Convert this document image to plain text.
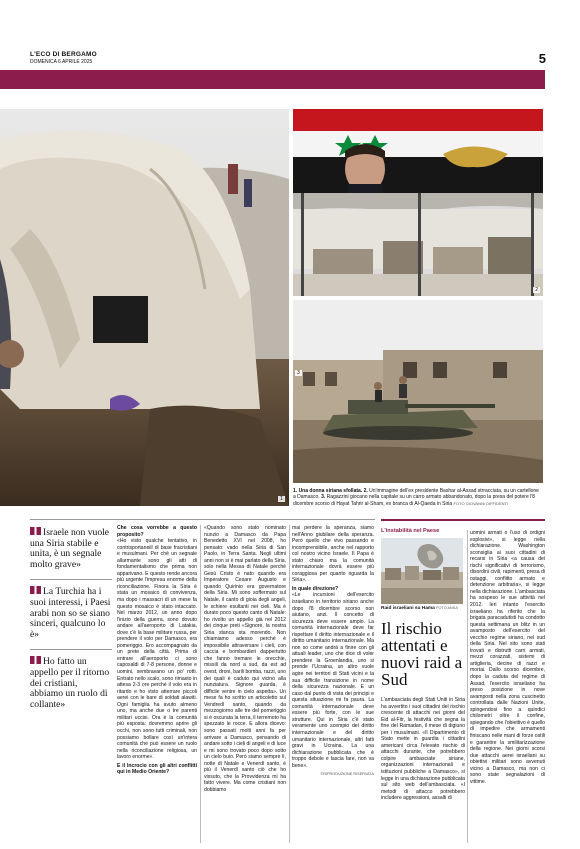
L'ECO DI BERGAMO
DOMENICA 6 APRILE 2025	5
1
2
3
1. Una donna siriana sfollata. 2. Un'immagine dell'ex presidente Bashar al-Assad strracciata, su un cartellone a Damasco. 3. Ragazzini giocano nella capitale su un carro armato abbandonato, dopo la presa del potere l'8 dicembre scorso di Hayat Tahrir al-Sham, ex branca di Al-Qaeda in Siria FOTO GIOVANNI DIFFIDENTI
Israele non vuole una Siria stabile e unita, è un segnale molto grave»
La Turchia ha i suoi interessi, i Paesi arabi non so se siano sinceri, qualcuno lo è»
Ho fatto un appello per il ritorno dei cristiani, abbiamo un ruolo di collante»

Che cosa vorrebbe a questo proposito?

«Ho visto qualche tentativo, in contrisportaneiil di base fracristiani e musulmani. Per chè un segnale allarmante sono gli atti di fondamentalismo che prima non apparivano. E questo rende ancora più urgente l'impresa enorme della riconciliazione. Finora la Siria è stata un mosaico di convivenza, ma dopo i massacri di un mese fa questo mosaico è stato intaccato. Nel marzo 2012, un anno dopo l'inizio della guerra, sono dovuto andare all'aeroporto di Latakia, dove c'è la base militare russa, per prendere il volo per Damasco, era pomeriggio. Ero accompagnato da un prete della città. Prima di entrare all'aeroporto ci sono caposaldi di 7-8 persone, donne e uomini, sembravano un po' rotti. Entrato nello scalo, sono rimasto in attesa 2-3 ore perché il volo era in ritardo e ho visto atterrare piccoli aerei con le bare di soldati alawiti. Ogni famiglia ha avuto almeno uno, ma anche due o tre parenti militari uccisi. Ora è la comunità più esposta: dovremmo aprire gli occhi, non sono tutti criminali, non possiamo bollare così un'intera comunità che può essere un ruolo nella riconciliazione religiosa, un lavoro enorme».

E il Incrocio con gli altri conflitti qui in Medio Oriente?

«Quando sono stato nominato nunzio a Damasco da Papa Benedetto XVI nel 2008, ho pensato: vado nella Siria di San Paolo, in Terra Santa. Negli ultimi anni non si è mai parlato della Siria, solo nella Messa di Natale perché Gesù Cristo è nato quando era Imperatore Cesare Augusto e quando Quirinio era governatore della Siria. Mi sono soffermato sul Natale, il canto di gioia degli angeli, le schiere esultanti nei cieli. Ma è durato poco questo canto di Natale: ho rivolto un appello già nel 2012 dei cinque preti «Signore, la nostra Siria stanca sta morendo. Non chiamiamo adesso perché è impossibile attraversare i cieli, con caccia e bombardieri dappertutto che fanno tremare le orecchie, missili da nord a sud, da est ad ovest, droni, barili bomba, razzi, uno dei quali è caduto qui vicino alla nunziatura. Signore guarda, è difficile venire in cielo aspetta». Un mese fa ho scritto un articoletto sul Vendredì santo, quando da mezzogiorno alle tre del pomeriggio si è oscurata la terra, il terremoto ha spezzato le rocce. E allora dicevo: sono passati molti anni fa per arrivare a Damasco, pensando di andare sotto i cieli di angeli e di luce e mi sono trovato poco dopo sotto un cielo buio. Però siamo sempre lì, notte di Natale e Venerdì santo, è più il Venerdì santo ciò che ho vissuto, che la Provvidenza mi ha fatto vivere. Ma come cristiani non dobbiamo

mai perdere la speranza, siamo nell'Anno giubilare della speranza. Però quello che vivo passando e incomprensibile, anche nel rapporto col nostro vicino Israele. Il Papa è stato chiaro ma la comunità internazionale dovrà essere più coraggiosa per quanto riguarda la Siria».

In quale direzione?

«Le incursioni dell'esercito israeliano in territorio siriano anche dopo l'8 dicembre scorso non aiutano, anzi. Il concetto di sicurezza deve essere ampio. La comunità internazionale deve far rispettare il diritto internazionale e il diritto umanitario internazionale. Ma non so come andrà a finire con gli attuali leader, uno che dice di voler prendere la Groenlandia, uno si prende l'Ucraina, un altro vuole agire nei territori di Stati vicini e la sua difficile transizione in nome della sicurezza nazionale. E un caso dal punto di vista dei principi e questa situazione mi fa paura. La comunità internazionale deve essere più forte, con le sue strutture. Qui in Siria c'è stato veramente uno scempio del diritto internazionale e del diritto umanitario internazionale, altri fatti gravi in Ucraina. La una dichiarazione pubblicata che è troppo debole e lascia fare, non va bene».

©RIPRODUZIONE RISERVATA

L'instabilità nel Paese
Raid israeliani su Hama FOTO ANSA
Il rischio attentati e nuovi raid a Sud

L'ambasciata degli Stati Uniti in Siria ha avvertito i suoi cittadini del rischio crescente di attacchi nei giorni del Eid al-Fitr, la festività che segna la fine del Ramadan, il mese di digiuno per i musulmani. «Il Dipartimento di Stato mette in guardia i cittadini americani circa l'elevato rischio di attacchi durante, che potrebbero colpire ambasciate siriane, organizzazioni internazionali e istituzioni pubbliche a Damasco», si legge in una dichiarazione pubblicata sul sito web dell'ambasciata. «I metodi di attacco potrebbero includere aggressioni, assalti di

uomini armati o l'uso di ordigni esplosivi», si legge nella dichiarazione. Washington sconsiglia ai suoi cittadini di recarsi in Siria «a causa dei rischi significativi di terrorismo, disordini civili, rapimenti, presa di ostaggi, conflitto armato e detenzione arbitraria», si legge nella dichiarazione. L'ambasciata ha sospeso le sue attività nel 2012. Ieri intanto l'esercito israeliano ha riferito che la brigata paracadutisti ha condotto questa settimana un blitz in un avamposto dell'esercito del vecchio regime siriano, nel sud della Siria. Nel sito sono stati trovati e distrutti carri armati, mezzi corazzati, sistemi di artiglieria, decine di razzi e mortai. Dallo scorso dicembre, dopo la caduta del regime di Assad, l'esercito israeliano ha preso posizione in nove avamposti nella zona cuscinetto controllata dalle Nazioni Unite, spingendosi fino a quindici chilometri oltre il confine, spiegando che l'obiettivo è quello di impedire che armamenti finiscano nelle mani di forze ostili e garantire la smilitarizzazione della regione. Nei giorni scorsi due attacchi aerei israeliani su obiettivi militari sono avvenuti vicino a Damasco, ma non ci sono state segnalazioni di vittime.
